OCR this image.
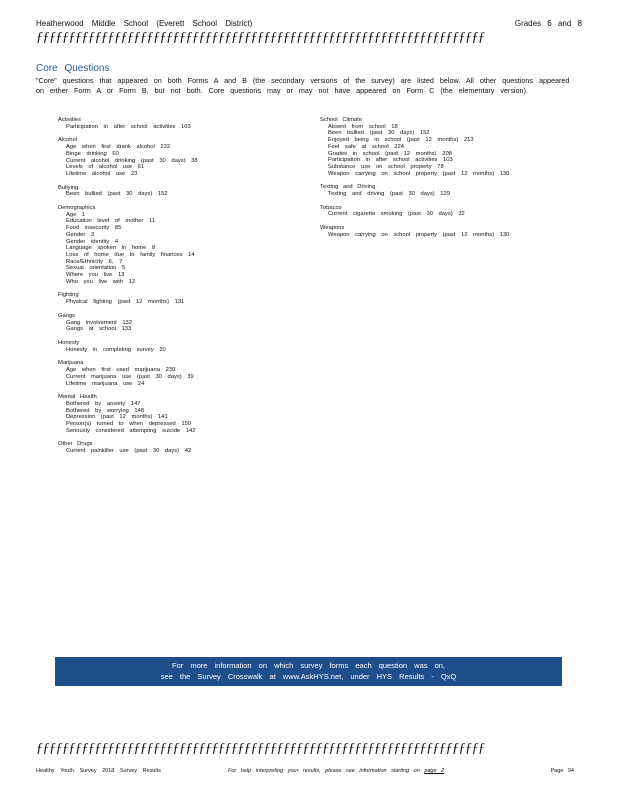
Heatherwood Middle School (Everett School District)	Grades 6 and 8
ƒƒƒƒƒƒƒƒƒƒƒƒƒƒƒƒƒƒƒƒƒƒƒƒƒƒƒƒƒƒƒƒƒƒƒƒƒƒƒƒƒƒƒƒƒƒƒƒƒƒƒƒƒƒƒƒƒƒƒƒƒƒƒƒƒƒƒƒƒ
Core Questions
"Core" questions that appeared on both Forms A and B (the secondary versions of the survey) are listed below. All other questions appeared on either Form A or Form B, but not both. Core questions may or may not have appeared on Form C (the elementary version).
Activities
Participation in after school activities 103
Alcohol
Age when first drank alcohol 232
Binge drinking 60
Current alcohol drinking (past 30 days) 38
Levels of alcohol use 61
Lifetime alcohol use 23
Bullying
Been bullied (past 30 days) 152
Demographics
Age 1
Education level of mother 11
Food insecurity 85
Gender 3
Gender identity 4
Language spoken in home 8
Loss of home due to family finances 14
Race/Ethnicity 6, 7
Sexual orientation 5
Where you live 13
Who you live with 12
Fighting
Physical fighting (past 12 months) 131
Gangs
Gang involvement 132
Gangs at school 133
Honesty
Honesty in completing survey 20
Marijuana
Age when first used marijuana 230
Current marijuana use (past 30 days) 39
Lifetime marijuana use 24
Mental Health
Bothered by anxiety 147
Bothered by worrying 148
Depression (past 12 months) 141
Person(s) turned to when depressed 150
Seriously considered attempting suicide 142
Other Drugs
Current painkiller use (past 30 days) 42
School Climate
Absent from school 18
Been bullied (past 30 days) 152
Enjoyed being in school (past 12 months) 213
Feel safe at school 224
Grades in school (past 12 months) 208
Participation in after school activities 103
Substance use on school property 78
Weapon carrying on school property (past 12 months) 130
Texting and Driving
Texting and driving (past 30 days) 129
Tobacco
Current cigarette smoking (past 30 days) 32
Weapons
Weapon carrying on school property (past 12 months) 130
For more information on which survey forms each question was on,
see the Survey Crosswalk at www.AskHYS.net, under HYS Results - QxQ
ƒƒƒƒƒƒƒƒƒƒƒƒƒƒƒƒƒƒƒƒƒƒƒƒƒƒƒƒƒƒƒƒƒƒƒƒƒƒƒƒƒƒƒƒƒƒƒƒƒƒƒƒƒƒƒƒƒƒƒƒƒƒƒƒƒƒƒƒƒ
Healthy Youth Survey 2018 Survey Results	For help interpreting your results, please see information starting on page 2	Page 94
